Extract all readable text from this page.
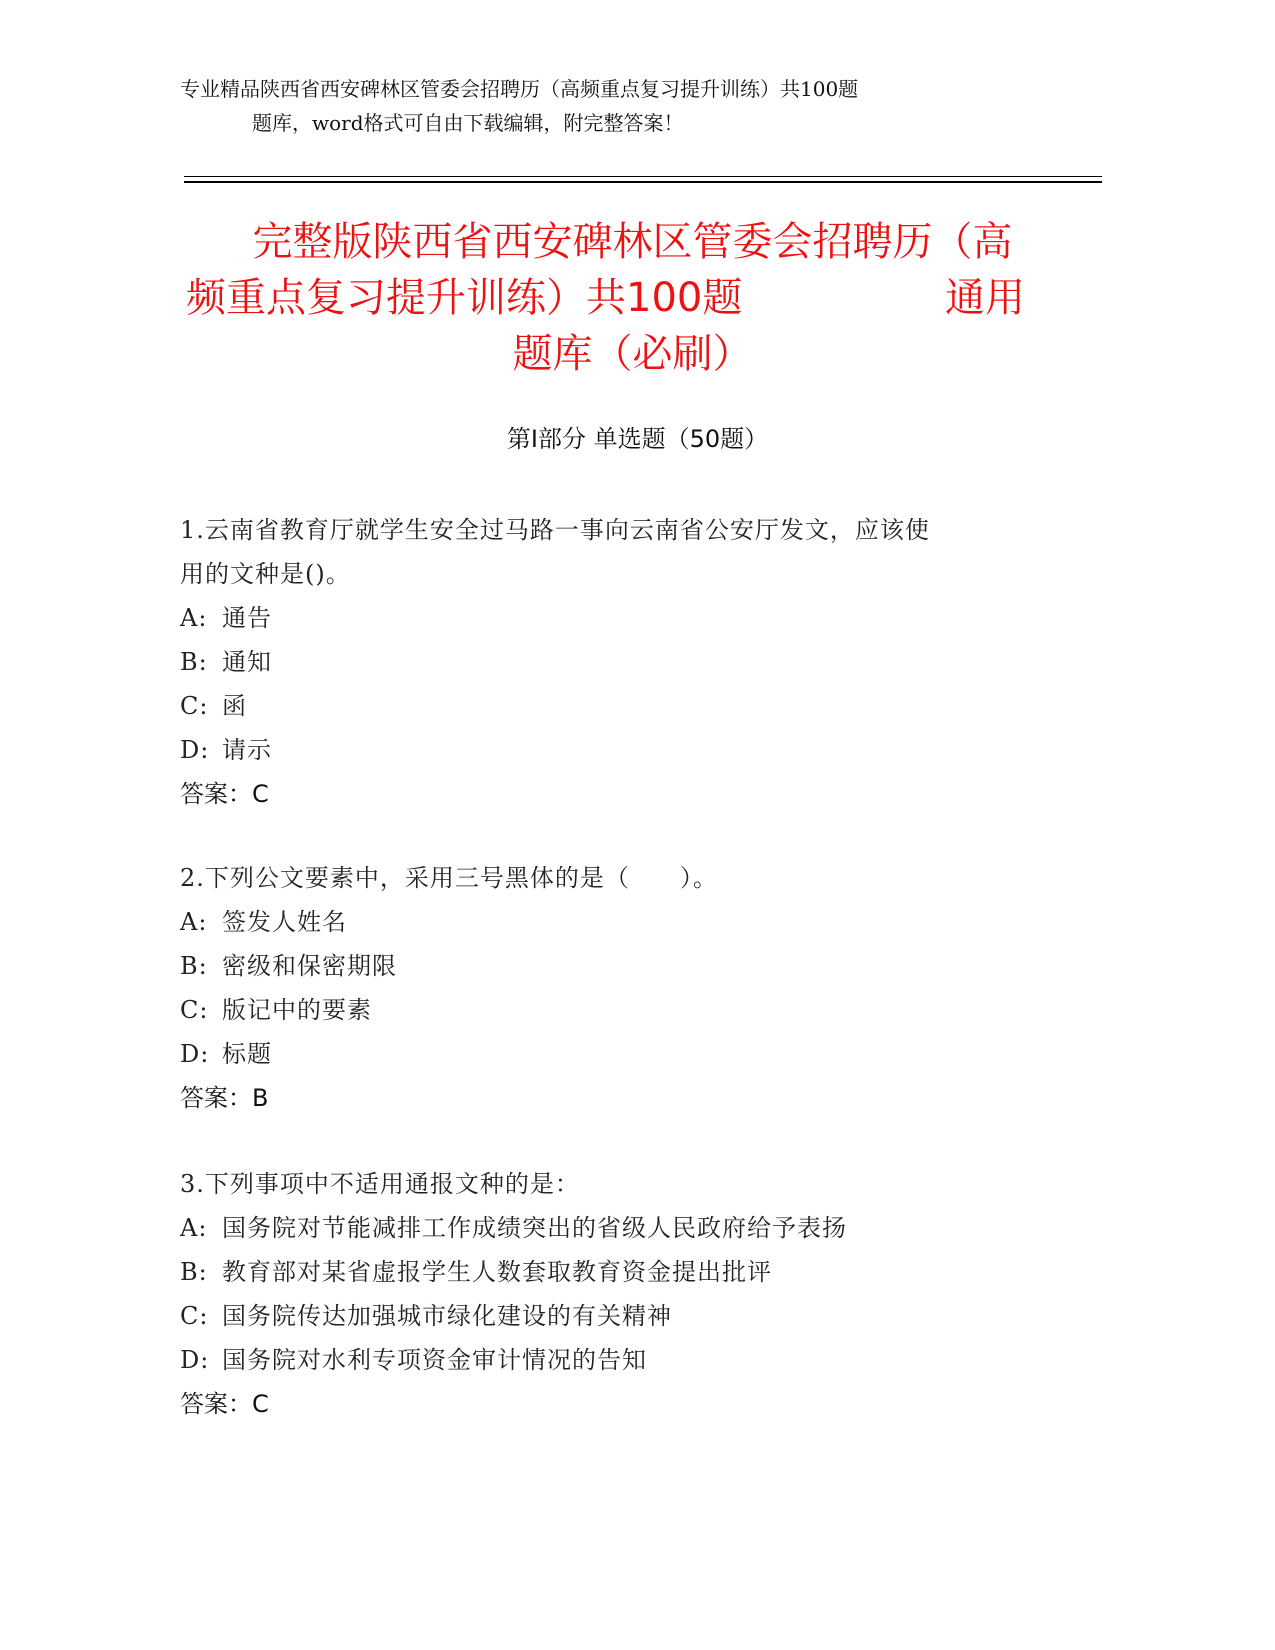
专业精品陕西省西安碑林区管委会招聘历（高频重点复习提升训练）共100题
题库，word格式可自由下载编辑，附完整答案！
完整版陕西省西安碑林区管委会招聘历（高
频重点复习提升训练）共100题	通用
题库（必刷）
第Ⅰ部分 单选题（50题）
1.云南省教育厅就学生安全过马路一事向云南省公安厅发文，应该使
用的文种是()。
A: 通告
B: 通知
C: 函
D: 请示
答案：C
2.下列公文要素中，采用三号黑体的是（　　）。
A: 签发人姓名
B: 密级和保密期限
C: 版记中的要素
D: 标题
答案：B
3.下列事项中不适用通报文种的是：
A: 国务院对节能减排工作成绩突出的省级人民政府给予表扬
B: 教育部对某省虚报学生人数套取教育资金提出批评
C: 国务院传达加强城市绿化建设的有关精神
D: 国务院对水利专项资金审计情况的告知
答案：C
